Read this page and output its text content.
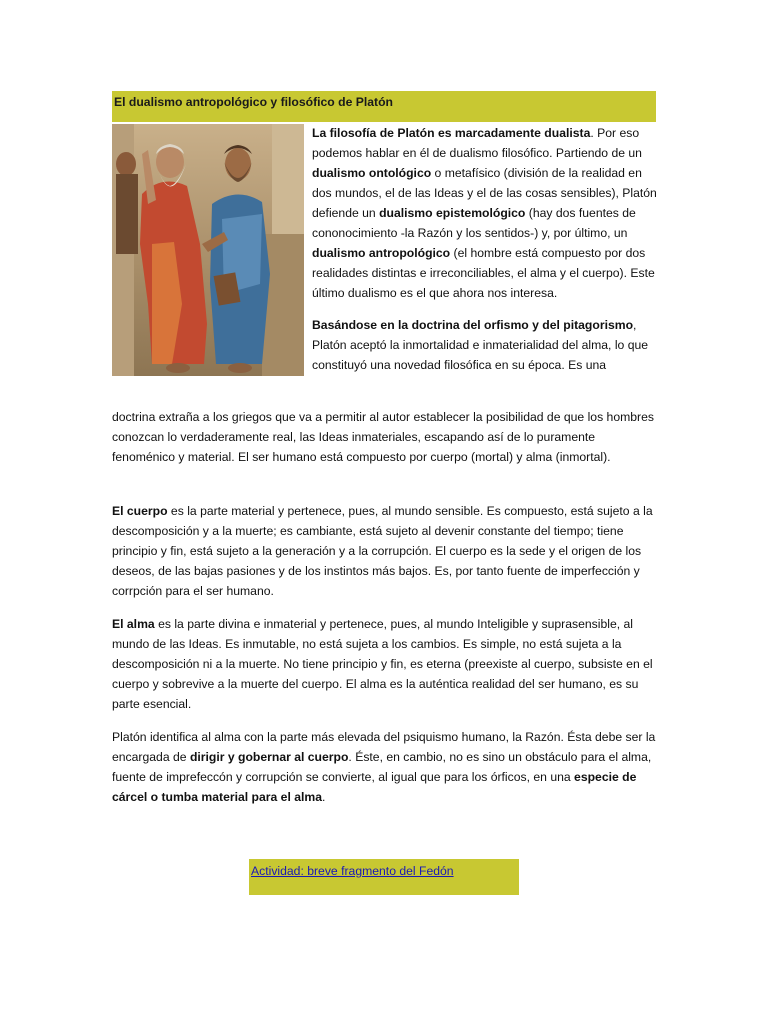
El dualismo antropológico y filosófico de Platón

La filosofía de Platón es marcadamente dualista. Por eso podemos hablar en él de dualismo filosófico. Partiendo de un dualismo ontológico o metafísico (división de la realidad en dos mundos, el de las Ideas y el de las cosas sensibles), Platón defiende un dualismo epistemológico (hay dos fuentes de cononocimiento -la Razón y los sentidos-) y, por último, un dualismo antropológico (el hombre está compuesto por dos realidades distintas e irreconciliables, el alma y el cuerpo). Este último dualismo es el que ahora nos interesa.

Basándose en la doctrina del orfismo y del pitagorismo, Platón aceptó la inmortalidad e inmaterialidad del alma, lo que constituyó una novedad filosófica en su época. Es una

doctrina extraña a los griegos que va a permitir al autor establecer la posibilidad de que los hombres conozcan lo verdaderamente real, las Ideas inmateriales, escapando así de lo puramente fenoménico y material. El ser humano está compuesto por cuerpo (mortal) y alma (inmortal).

El cuerpo es la parte material y pertenece, pues, al mundo sensible. Es compuesto, está sujeto a la descomposición y a la muerte; es cambiante, está sujeto al devenir constante del tiempo; tiene principio y fin, está sujeto a la generación y a la corrupción. El cuerpo es la sede y el origen de los deseos, de las bajas pasiones y de los instintos más bajos. Es, por tanto fuente de imperfección y corrpción para el ser humano.

El alma es la parte divina e inmaterial y pertenece, pues, al mundo Inteligible y suprasensible, al mundo de las Ideas. Es inmutable, no está sujeta a los cambios. Es simple, no está sujeta a la descomposición ni a la muerte. No tiene principio y fin, es eterna (preexiste al cuerpo, subsiste en el cuerpo y sobrevive a la muerte del cuerpo. El alma es la auténtica realidad del ser humano, es su parte esencial.

Platón identifica al alma con la parte más elevada del psiquismo humano, la Razón. Ésta debe ser la encargada de dirigir y gobernar al cuerpo. Éste, en cambio, no es sino un obstáculo para el alma, fuente de imprefeccón y corrupción se convierte, al igual que para los órficos, en una especie de cárcel o tumba material para el alma.

Actividad: breve fragmento del Fedón
